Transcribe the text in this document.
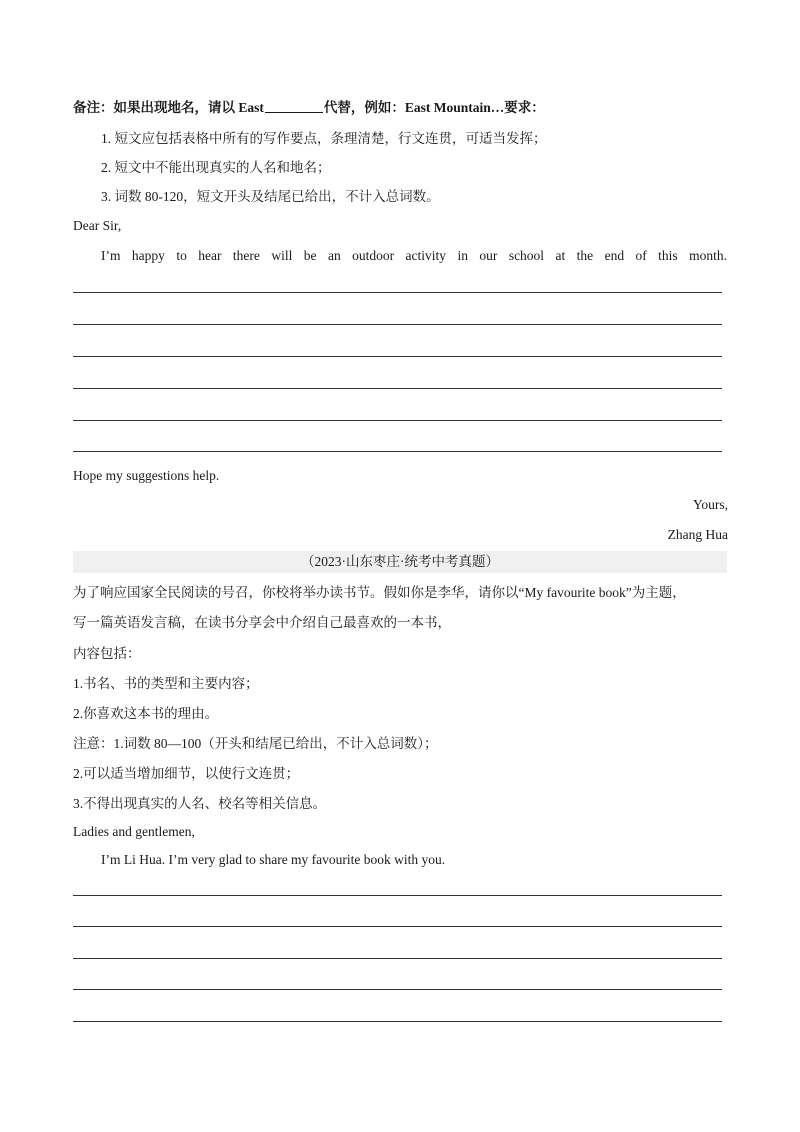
备注：如果出现地名，请以 East	代替，例如：East Mountain…要求：
1. 短文应包括表格中所有的写作要点，条理清楚，行文连贯，可适当发挥；
2. 短文中不能出现真实的人名和地名；
3. 词数 80-120，短文开头及结尾已给出，不计入总词数。
Dear Sir,
I’m happy to hear there will be an outdoor activity in our school at the end of this month.
Hope my suggestions help.
Yours,
Zhang Hua
（2023·山东枣庄·统考中考真题）
为了响应国家全民阅读的号召，你校将举办读书节。假如你是李华，请你以“My favourite book”为主题，
写一篇英语发言稿，在读书分享会中介绍自己最喜欢的一本书，
内容包括：
1.书名、书的类型和主要内容；
2.你喜欢这本书的理由。
注意：1.词数 80—100（开头和结尾已给出，不计入总词数）；
2.可以适当增加细节，以使行文连贯；
3.不得出现真实的人名、校名等相关信息。
Ladies and gentlemen,
I’m Li Hua. I’m very glad to share my favourite book with you.
